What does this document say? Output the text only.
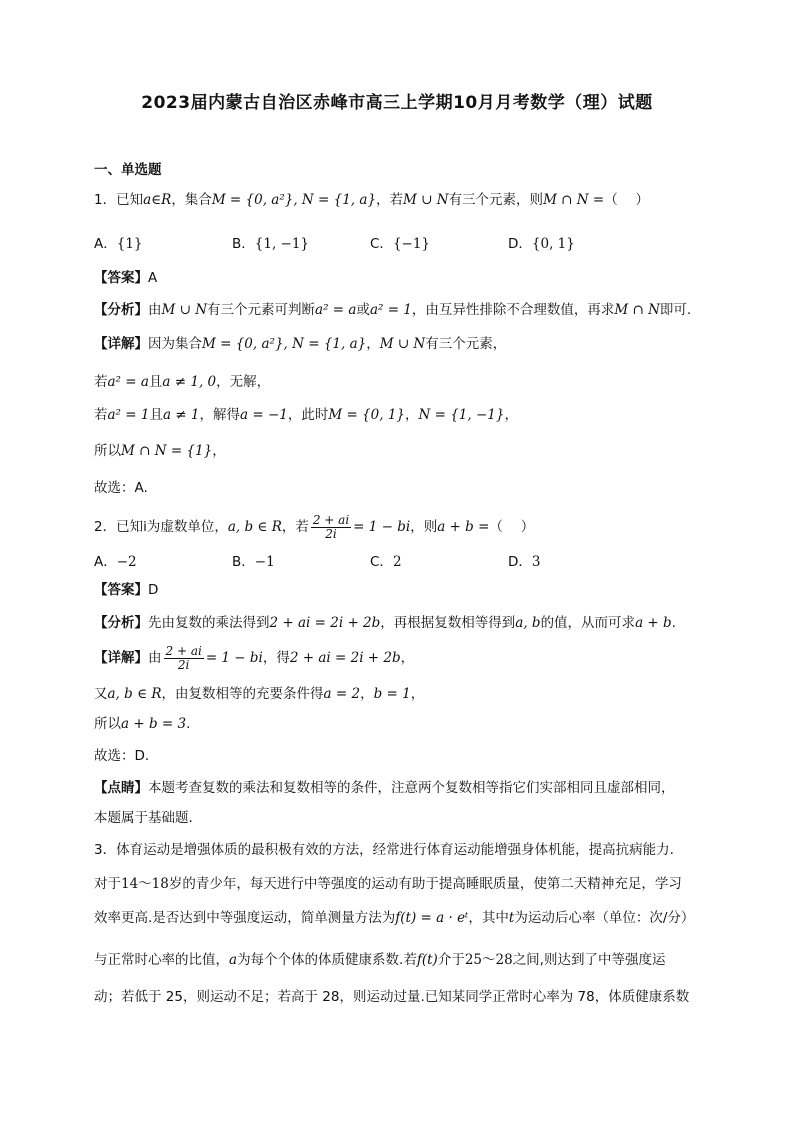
2023届内蒙古自治区赤峰市高三上学期10月月考数学（理）试题
一、单选题
1．已知a∈R，集合M = {0, a²}, N = {1, a}，若M ∪ N有三个元素，则M ∩ N =（　 ）
A．{1}	B．{1, −1}	C．{−1}	D．{0, 1}
【答案】A
【分析】由M ∪ N有三个元素可判断a² = a或a² = 1，由互异性排除不合理数值，再求M ∩ N即可.
【详解】因为集合M = {0, a²}, N = {1, a}，M ∪ N有三个元素，
若a² = a且a ≠ 1, 0，无解，
若a² = 1且a ≠ 1，解得a = −1，此时M = {0, 1}，N = {1, −1}，
所以M ∩ N = {1}，
故选：A.
2．已知i为虚数单位，a, b ∈ R，若 $\frac{2 + ai}{2i} = 1$ − bi，则a + b =（　 ）
A．−2	B．−1	C．2	D．3
【答案】D
【分析】先由复数的乘法得到2 + ai = 2i + 2b，再根据复数相等得到a, b的值，从而可求a + b.
【详解】由 $\frac{2 + ai}{2i} = 1$ − bi，得2 + ai = 2i + 2b，
又a, b ∈ R，由复数相等的充要条件得a = 2，b = 1，
所以a + b = 3.
故选：D.
【点睛】本题考查复数的乘法和复数相等的条件，注意两个复数相等指它们实部相同且虚部相同，
本题属于基础题.
3．体育运动是增强体质的最积极有效的方法，经常进行体育运动能增强身体机能，提高抗病能力.
对于14～18岁的青少年，每天进行中等强度的运动有助于提高睡眠质量，使第二天精神充足，学习
效率更高.是否达到中等强度运动，简单测量方法为f(t) = a · eᵗ，其中t为运动后心率（单位：次/分）
与正常时心率的比值，a为每个个体的体质健康系数.若f(t)介于25～28之间,则达到了中等强度运
动；若低于 25，则运动不足；若高于 28，则运动过量.已知某同学正常时心率为 78，体质健康系数
